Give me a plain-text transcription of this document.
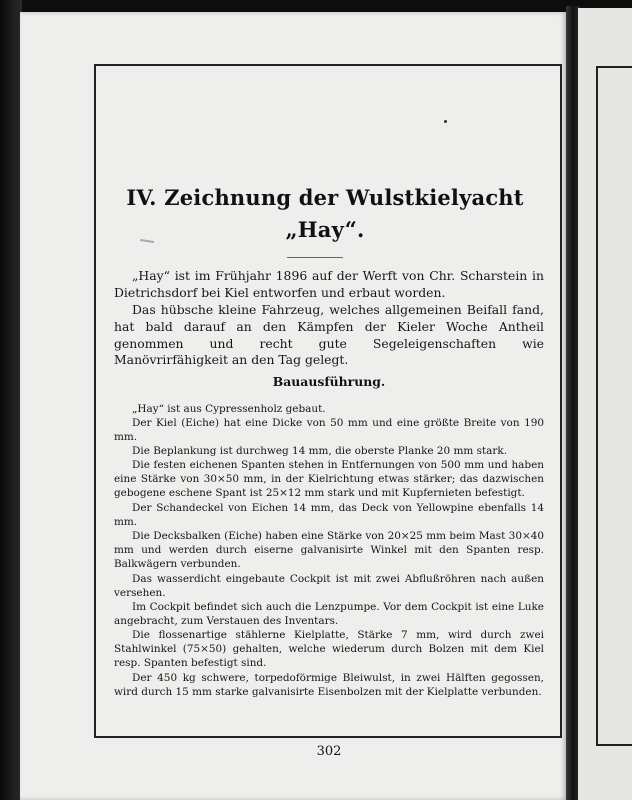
IV. Zeichnung der Wulstkielyacht
„Hay“.

„Hay“ ist im Frühjahr 1896 auf der Werft von Chr. Scharstein in Dietrichsdorf bei Kiel entworfen und erbaut worden.

Das hübsche kleine Fahrzeug, welches allgemeinen Beifall fand, hat bald darauf an den Kämpfen der Kieler Woche Antheil genommen und recht gute Segeleigenschaften wie Manövrirfähigkeit an den Tag gelegt.

Bauausführung.

„Hay“ ist aus Cypressenholz gebaut.

Der Kiel (Eiche) hat eine Dicke von 50 mm und eine größte Breite von 190 mm.

Die Beplankung ist durchweg 14 mm, die oberste Planke 20 mm stark.

Die festen eichenen Spanten stehen in Entfernungen von 500 mm und haben eine Stärke von 30×50 mm, in der Kielrichtung etwas stärker; das dazwischen gebogene eschene Spant ist 25×12 mm stark und mit Kupfernieten befestigt.

Der Schandeckel von Eichen 14 mm, das Deck von Yellowpine ebenfalls 14 mm.

Die Decksbalken (Eiche) haben eine Stärke von 20×25 mm beim Mast 30×40 mm und werden durch eiserne galvanisirte Winkel mit den Spanten resp. Balkwägern verbunden.

Das wasserdicht eingebaute Cockpit ist mit zwei Abflußröhren nach außen versehen.

Im Cockpit befindet sich auch die Lenzpumpe. Vor dem Cockpit ist eine Luke angebracht, zum Verstauen des Inventars.

Die flossenartige stählerne Kielplatte, Stärke 7 mm, wird durch zwei Stahlwinkel (75×50) gehalten, welche wiederum durch Bolzen mit dem Kiel resp. Spanten befestigt sind.

302

Der 450 kg schwere, torpedoförmige Bleiwulst, in zwei Hälften gegossen, wird durch 15 mm starke galvanisirte Eisenbolzen mit der Kielplatte verbunden.
